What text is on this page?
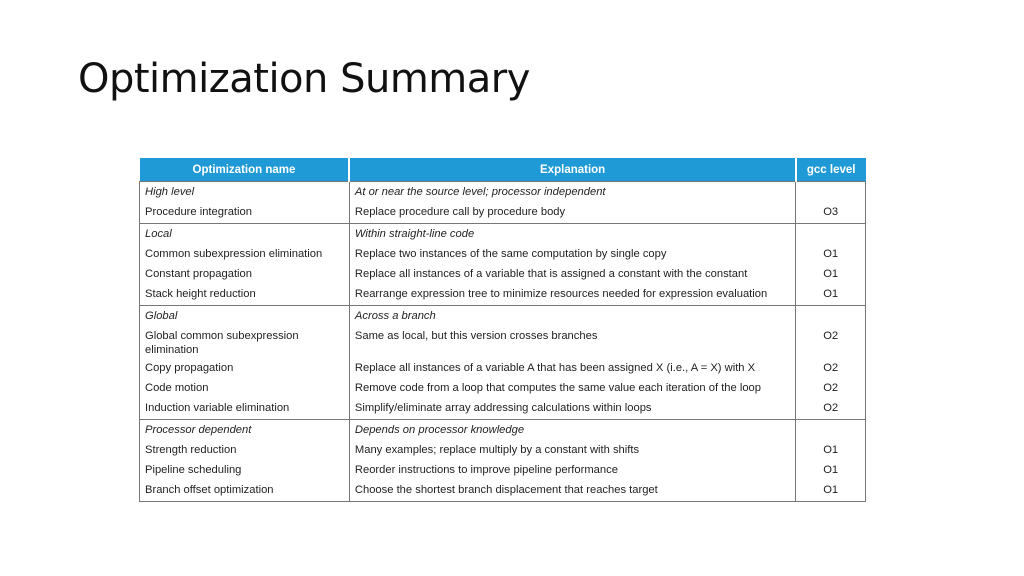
Optimization Summary
Optimization name	Explanation	gcc level
High level	At or near the source level; processor independent	
Procedure integration	Replace procedure call by procedure body	O3
Local	Within straight-line code	
Common subexpression elimination	Replace two instances of the same computation by single copy	O1
Constant propagation	Replace all instances of a variable that is assigned a constant with the constant	O1
Stack height reduction	Rearrange expression tree to minimize resources needed for expression evaluation	O1
Global	Across a branch	
Global common subexpression elimination	Same as local, but this version crosses branches	O2
Copy propagation	Replace all instances of a variable A that has been assigned X (i.e., A = X) with X	O2
Code motion	Remove code from a loop that computes the same value each iteration of the loop	O2
Induction variable elimination	Simplify/eliminate array addressing calculations within loops	O2
Processor dependent	Depends on processor knowledge	
Strength reduction	Many examples; replace multiply by a constant with shifts	O1
Pipeline scheduling	Reorder instructions to improve pipeline performance	O1
Branch offset optimization	Choose the shortest branch displacement that reaches target	O1
